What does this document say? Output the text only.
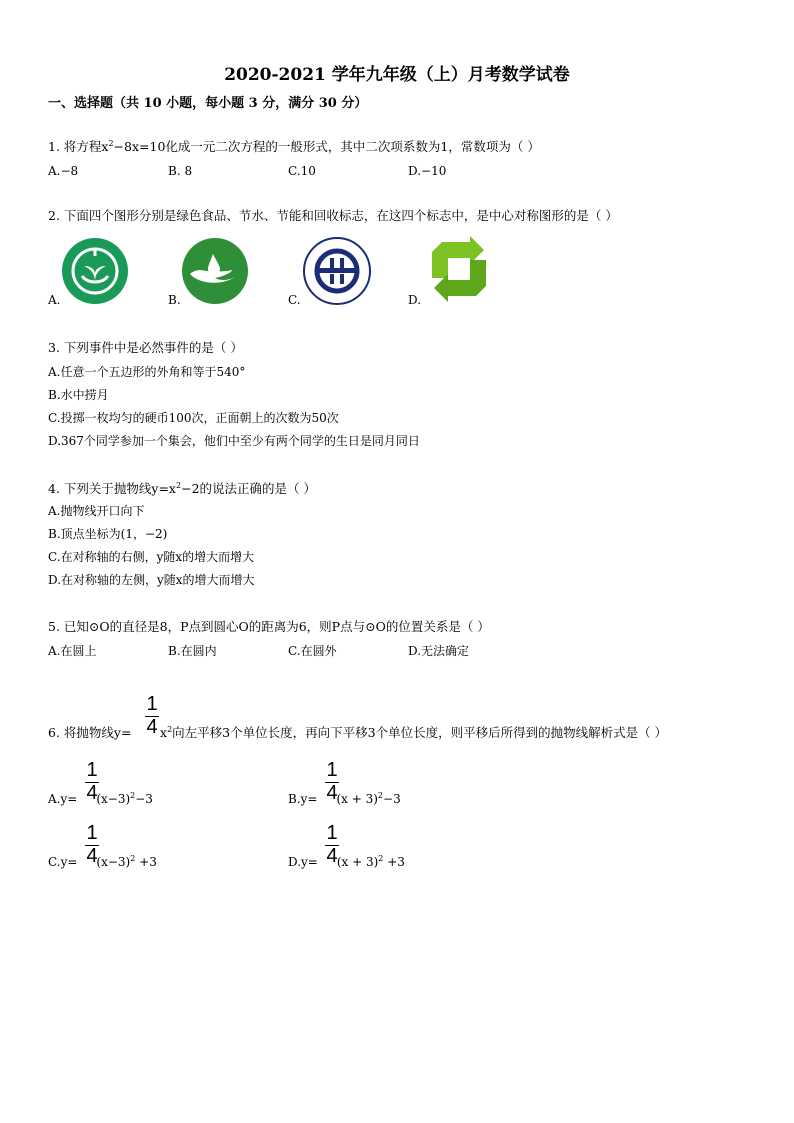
2020-2021 学年九年级（上）月考数学试卷
一、选择题（共 10 小题，每小题 3 分，满分 30 分）
1. 将方程$x^2-8x=10$化成一元二次方程的一般形式，其中二次项系数为1，常数项为（ ）
A.−8	B. 8	C.10	D.−10
2. 下面四个图形分别是绿色食品、节水、节能和回收标志，在这四个标志中，是中心对称图形的是（ ）
A.	B.	C.	D.
3. 下列事件中是必然事件的是（ ）
A.任意一个五边形的外角和等于540°
B.水中捞月
C.投掷一枚均匀的硬币100次，正面朝上的次数为50次
D.367个同学参加一个集会，他们中至少有两个同学的生日是同月同日
4. 下列关于抛物线$y=x^2-2$的说法正确的是（ ）
A.抛物线开口向下
B.顶点坐标为(1，−2)
C.在对称轴的右侧，y随x的增大而增大
D.在对称轴的左侧，y随x的增大而增大
5. 已知⊙O的直径是8，P点到圆心O的距离为6，则P点与⊙O的位置关系是（ ）
A.在圆上	B.在圆内	C.在圆外	D.无法确定
1
4
6. 将抛物线$y= x^2$向左平移3个单位长度，再向下平移3个单位长度，则平移后所得到的抛物线解析式是（ ）
1
4
$A.y= (x-3)^2-3$
1
4
$B.y= (x + 3)^2-3$
1
4
$C.y= (x-3)^2 +3$
1
4
$D.y= (x + 3)^2 +3$
